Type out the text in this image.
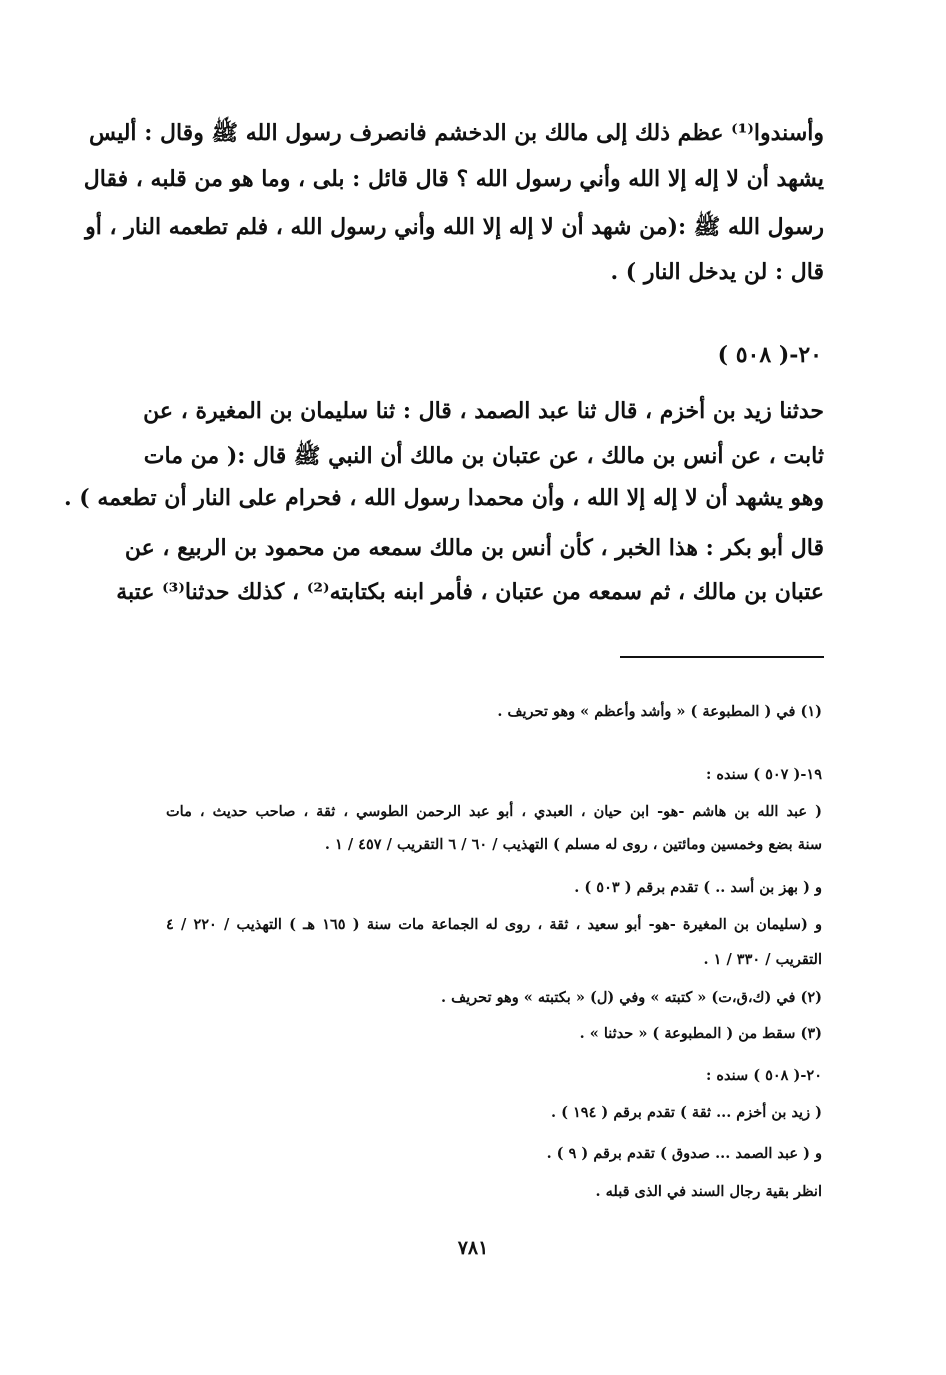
وأسندوا⁽¹⁾ عظم ذلك إلى مالك بن الدخشم فانصرف رسول الله ﷺ وقال : أليس
يشهد أن لا إله إلا الله وأني رسول الله ؟ قال قائل : بلى ، وما هو من قلبه ، فقال
رسول الله ﷺ :(من شهد أن لا إله إلا الله وأني رسول الله ، فلم تطعمه النار ، أو
قال : لن يدخل النار ) .
٢٠-( ٥٠٨ )
حدثنا زيد بن أخزم ، قال ثنا عبد الصمد ، قال : ثنا سليمان بن المغيرة ، عن
ثابت ، عن أنس بن مالك ، عن عتبان بن مالك أن النبي ﷺ قال :( من مات
وهو يشهد أن لا إله إلا الله ، وأن محمدا رسول الله ، فحرام على النار أن تطعمه ) .
قال أبو بكر : هذا الخبر ، كأن أنس بن مالك سمعه من محمود بن الربيع ، عن
عتبان بن مالك ، ثم سمعه من عتبان ، فأمر ابنه بكتابته⁽²⁾ ، كذلك حدثنا⁽³⁾ عتبة
(١) في ( المطبوعة ) « وأشد وأعظم » وهو تحريف .
١٩-( ٥٠٧ ) سنده :
( عبد الله بن هاشم -هو- ابن حيان ، العبدي ، أبو عبد الرحمن الطوسي ، ثقة ، صاحب حديث ، مات
سنة بضع وخمسين ومائتين ، روى له مسلم ) التهذيب / ٦٠ / ٦ التقريب / ٤٥٧ / ١ .
و ( بهز بن أسد .. ) تقدم برقم ( ٥٠٣ ) .
و (سليمان بن المغيرة -هو- أبو سعيد ، ثقة ، روى له الجماعة مات سنة ( ١٦٥ هـ ) التهذيب / ٢٢٠ / ٤
التقريب / ٣٣٠ / ١ .
(٢) في (ك،ق،ت) « كتبته » وفي (ل) « بكتبته » وهو تحريف .
(٣) سقط من ( المطبوعة ) « حدثنا » .
٢٠-( ٥٠٨ ) سنده :
( زيد بن أخزم ... ثقة ) تقدم برقم ( ١٩٤ ) .
و ( عبد الصمد ... صدوق ) تقدم برقم ( ٩ ) .
انظر بقية رجال السند في الذى قبله .
٧٨١
